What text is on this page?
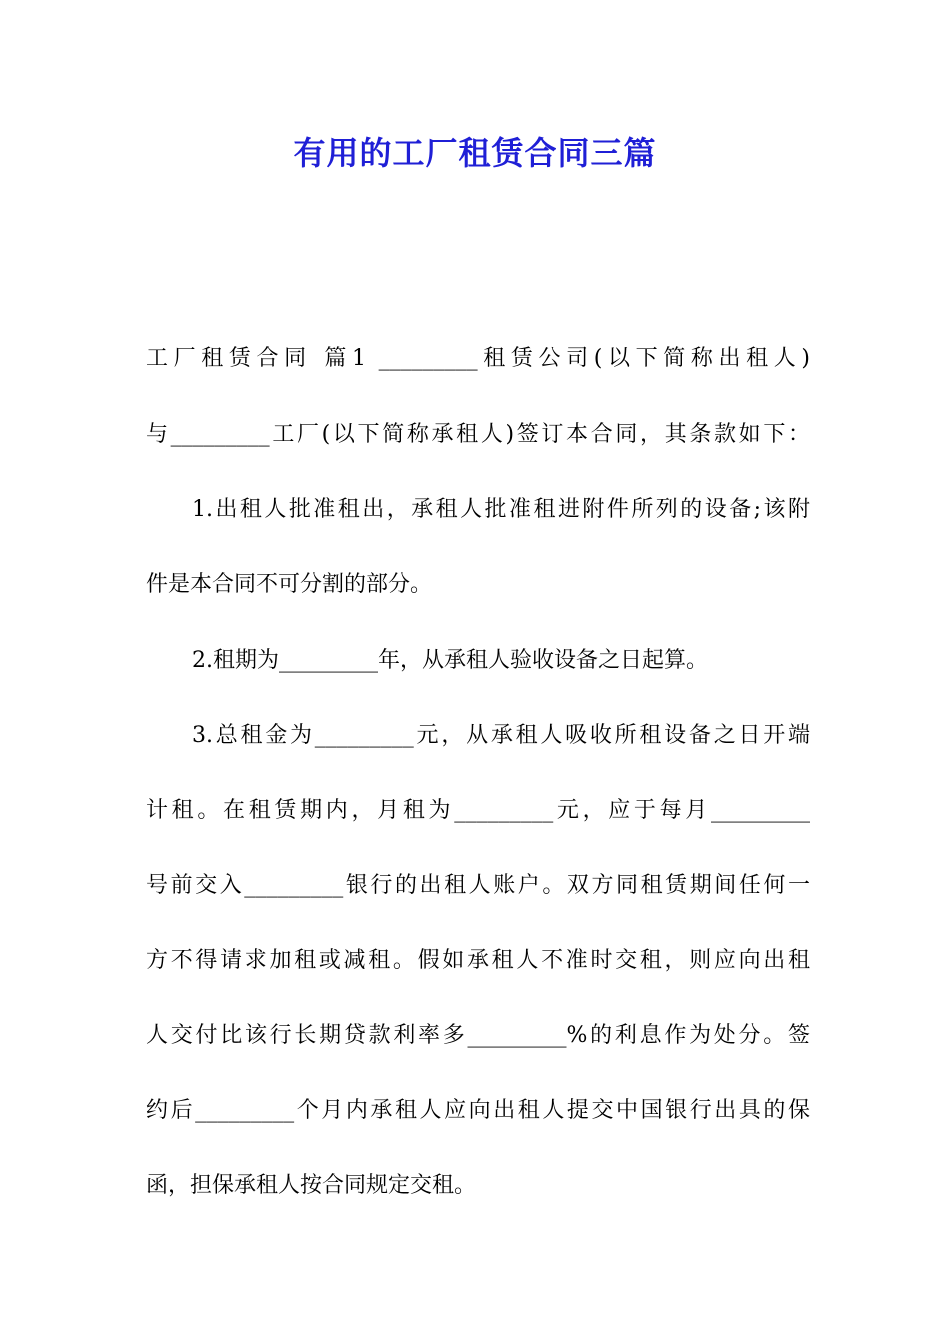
有用的工厂租赁合同三篇

工厂租赁合同 篇1 _________租赁公司(以下简称出租人)

与_________工厂(以下简称承租人)签订本合同，其条款如下：

1.出租人批准租出，承租人批准租进附件所列的设备;该附

件是本合同不可分割的部分。

2.租期为_________年，从承租人验收设备之日起算。

3.总租金为_________元，从承租人吸收所租设备之日开端

计租。在租赁期内，月租为_________元，应于每月_________

号前交入_________银行的出租人账户。双方同租赁期间任何一

方不得请求加租或减租。假如承租人不准时交租，则应向出租

人交付比该行长期贷款利率多_________%的利息作为处分。签

约后_________个月内承租人应向出租人提交中国银行出具的保

函，担保承租人按合同规定交租。
